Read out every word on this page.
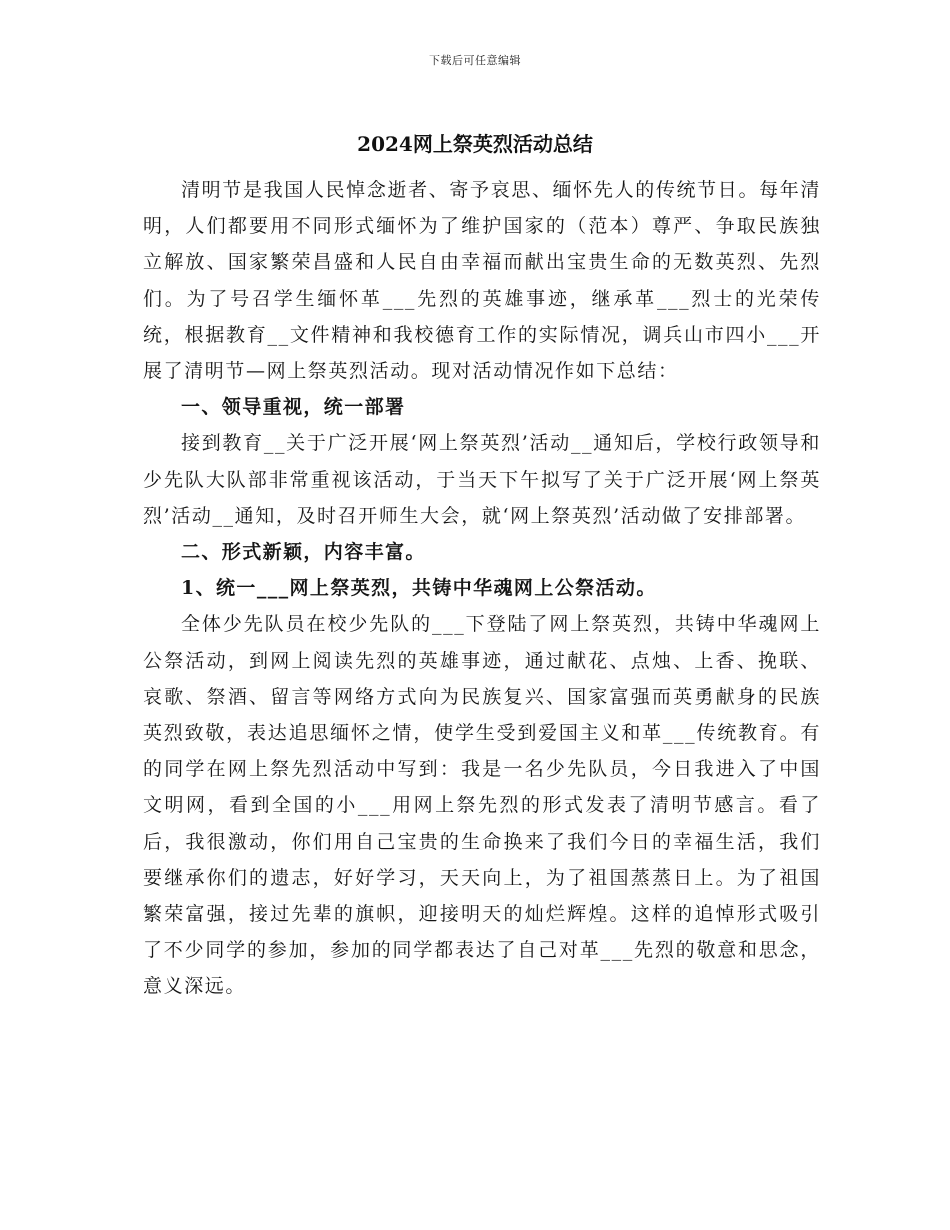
下载后可任意编辑
2024网上祭英烈活动总结

清明节是我国人民悼念逝者、寄予哀思、缅怀先人的传统节日。每年清明，人们都要用不同形式缅怀为了维护国家的（范本）尊严、争取民族独立解放、国家繁荣昌盛和人民自由幸福而献出宝贵生命的无数英烈、先烈们。为了号召学生缅怀革___先烈的英雄事迹，继承革___烈士的光荣传统，根据教育__文件精神和我校德育工作的实际情况，调兵山市四小___开展了清明节—网上祭英烈活动。现对活动情况作如下总结：

一、领导重视，统一部署

接到教育__关于广泛开展‘网上祭英烈’活动__通知后，学校行政领导和少先队大队部非常重视该活动，于当天下午拟写了关于广泛开展‘网上祭英烈’活动__通知，及时召开师生大会，就‘网上祭英烈’活动做了安排部署。

二、形式新颖，内容丰富。

1、统一___网上祭英烈，共铸中华魂网上公祭活动。

全体少先队员在校少先队的___下登陆了网上祭英烈，共铸中华魂网上公祭活动，到网上阅读先烈的英雄事迹，通过献花、点烛、上香、挽联、哀歌、祭酒、留言等网络方式向为民族复兴、国家富强而英勇献身的民族英烈致敬，表达追思缅怀之情，使学生受到爱国主义和革___传统教育。有的同学在网上祭先烈活动中写到：我是一名少先队员，今日我进入了中国文明网，看到全国的小___用网上祭先烈的形式发表了清明节感言。看了后，我很激动，你们用自己宝贵的生命换来了我们今日的幸福生活，我们要继承你们的遗志，好好学习，天天向上，为了祖国蒸蒸日上。为了祖国繁荣富强，接过先辈的旗帜，迎接明天的灿烂辉煌。这样的追悼形式吸引了不少同学的参加，参加的同学都表达了自己对革___先烈的敬意和思念，意义深远。
